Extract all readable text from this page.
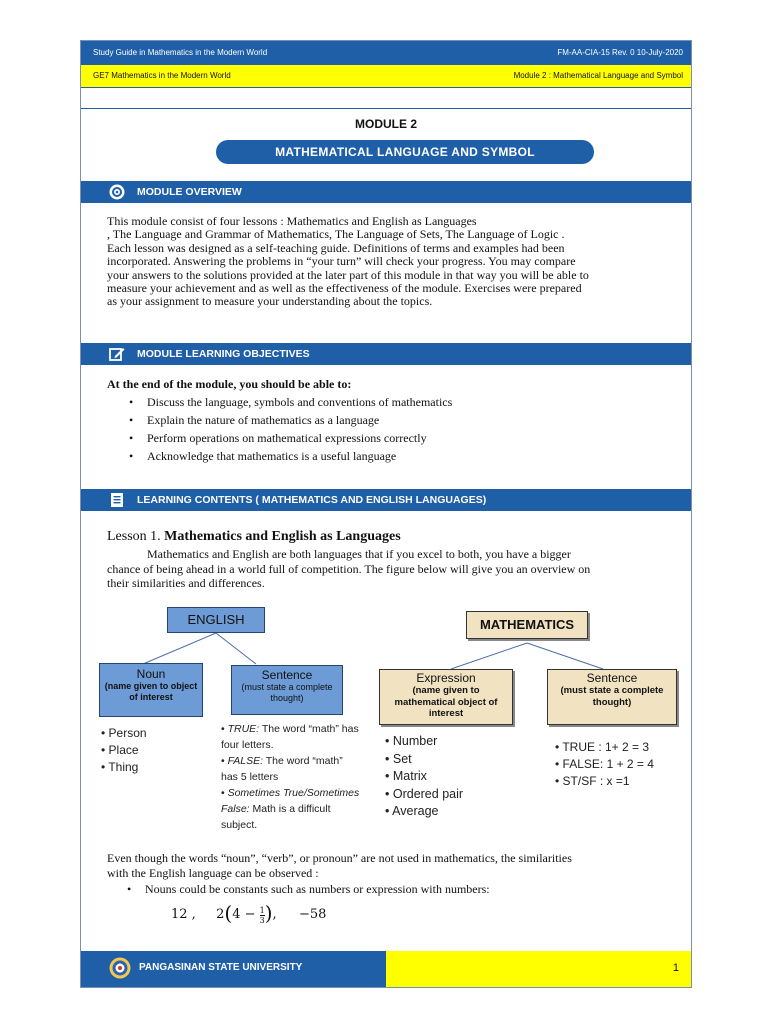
Study Guide in Mathematics in the Modern World	FM-AA-CIA-15 Rev. 0 10-July-2020
GE7 Mathematics in the Modern World	Module 2 : Mathematical Language and Symbol
MODULE 2
MATHEMATICAL LANGUAGE AND SYMBOL
MODULE OVERVIEW
This module consist of four lessons : Mathematics and English as Languages
, The Language and Grammar of Mathematics, The Language of Sets, The Language of Logic .
Each lesson was designed as a self-teaching guide. Definitions of terms and examples had been
incorporated. Answering the problems in “your turn” will check your progress. You may compare
your answers to the solutions provided at the later part of this module in that way you will be able to
measure your achievement and as well as the effectiveness of the module. Exercises were prepared
as your assignment to measure your understanding about the topics.
MODULE LEARNING OBJECTIVES
At the end of the module, you should be able to:
• Discuss the language, symbols and conventions of mathematics
• Explain the nature of mathematics as a language
• Perform operations on mathematical expressions correctly
• Acknowledge that mathematics is a useful language
LEARNING CONTENTS ( MATHEMATICS AND ENGLISH LANGUAGES)
Lesson 1. Mathematics and English as Languages
Mathematics and English are both languages that if you excel to both, you have a bigger
chance of being ahead in a world full of competition. The figure below will give you an overview on
their similarities and differences.
ENGLISH
Noun
(name given to object of interest
• Person
• Place
• Thing
Sentence
(must state a complete thought)
• TRUE: The word “math” has four letters.
• FALSE: The word “math” has 5 letters
• Sometimes True/Sometimes False: Math is a difficult subject.
MATHEMATICS
Expression
(name given to mathematical object of interest
• Number
• Set
• Matrix
• Ordered pair
• Average
Sentence
(must state a complete thought)
• TRUE : 1+ 2 = 3
• FALSE: 1 + 2 = 4
• ST/SF : x =1
Even though the words “noun”, “verb”, or pronoun” are not used in mathematics, the similarities
with the English language can be observed :
• Nouns could be constants such as numbers or expression with numbers:
12 , $2(4 - \frac{1}{3}$ ), −58
PANGASINAN STATE UNIVERSITY	1
